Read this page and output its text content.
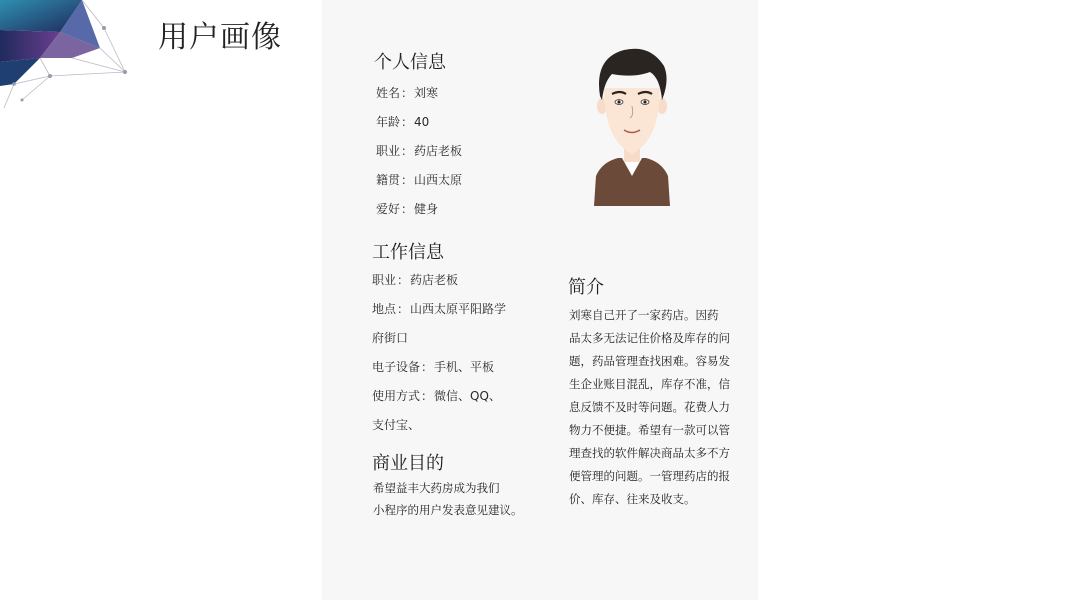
用户画像
个人信息
姓名：刘寒
年龄：40
职业：药店老板
籍贯：山西太原
爱好：健身
工作信息
职业：药店老板
地点：山西太原平阳路学
府街口
电子设备：手机、平板
使用方式：微信、QQ、
支付宝、
商业目的
希望益丰大药房成为我们
小程序的用户发表意见建议。
简介
刘寒自己开了一家药店。因药
品太多无法记住价格及库存的问
题，药品管理查找困难。容易发
生企业账目混乱，库存不准，信
息反馈不及时等问题。花费人力
物力不便捷。希望有一款可以管
理查找的软件解决商品太多不方
便管理的问题。一管理药店的报
价、库存、往来及收支。
